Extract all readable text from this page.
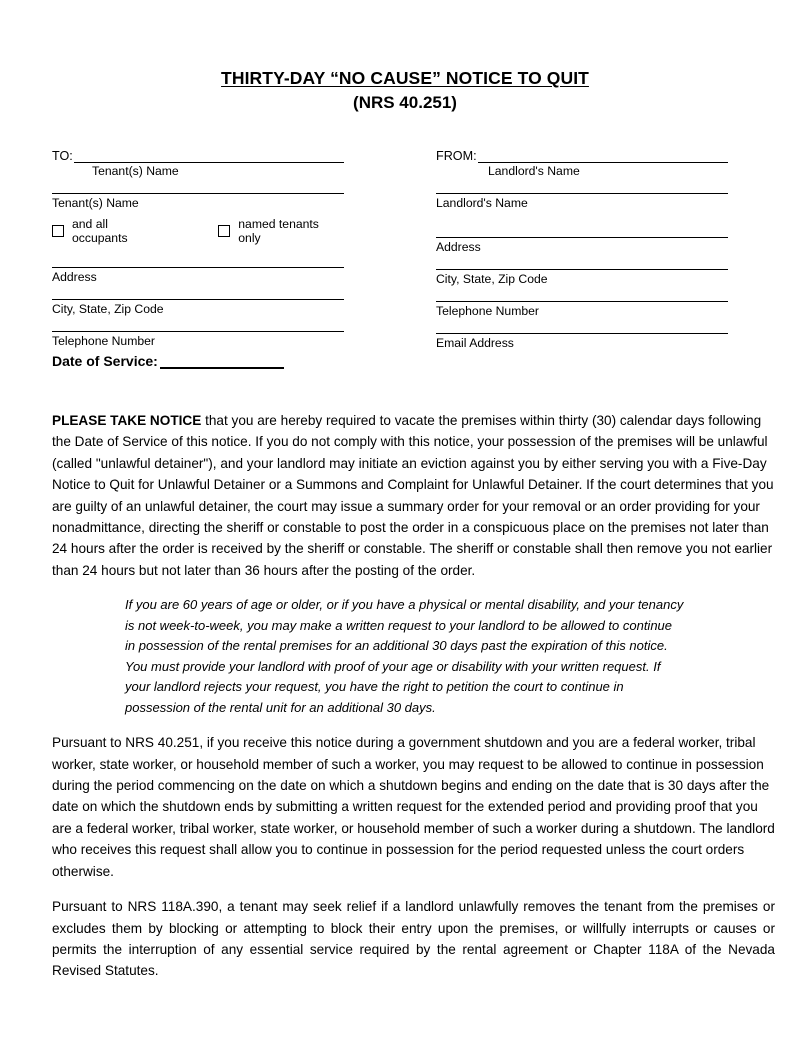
THIRTY-DAY “NO CAUSE” NOTICE TO QUIT
(NRS 40.251)
TO:
Tenant(s) Name
Tenant(s) Name
and all occupants
named tenants only
Address
City, State, Zip Code
Telephone Number
FROM:
Landlord's Name
Landlord's Name
Address
City, State, Zip Code
Telephone Number
Email Address
Date of Service:

PLEASE TAKE NOTICE that you are hereby required to vacate the premises within thirty (30) calendar days following the Date of Service of this notice. If you do not comply with this notice, your possession of the premises will be unlawful (called "unlawful detainer"), and your landlord may initiate an eviction against you by either serving you with a Five-Day Notice to Quit for Unlawful Detainer or a Summons and Complaint for Unlawful Detainer. If the court determines that you are guilty of an unlawful detainer, the court may issue a summary order for your removal or an order providing for your nonadmittance, directing the sheriff or constable to post the order in a conspicuous place on the premises not later than 24 hours after the order is received by the sheriff or constable. The sheriff or constable shall then remove you not earlier than 24 hours but not later than 36 hours after the posting of the order.

If you are 60 years of age or older, or if you have a physical or mental disability, and your tenancy is not week-to-week, you may make a written request to your landlord to be allowed to continue in possession of the rental premises for an additional 30 days past the expiration of this notice. You must provide your landlord with proof of your age or disability with your written request. If your landlord rejects your request, you have the right to petition the court to continue in possession of the rental unit for an additional 30 days.

Pursuant to NRS 40.251, if you receive this notice during a government shutdown and you are a federal worker, tribal worker, state worker, or household member of such a worker, you may request to be allowed to continue in possession during the period commencing on the date on which a shutdown begins and ending on the date that is 30 days after the date on which the shutdown ends by submitting a written request for the extended period and providing proof that you are a federal worker, tribal worker, state worker, or household member of such a worker during a shutdown. The landlord who receives this request shall allow you to continue in possession for the period requested unless the court orders otherwise.

Pursuant to NRS 118A.390, a tenant may seek relief if a landlord unlawfully removes the tenant from the premises or excludes them by blocking or attempting to block their entry upon the premises, or willfully interrupts or causes or permits the interruption of any essential service required by the rental agreement or Chapter 118A of the Nevada Revised Statutes.
